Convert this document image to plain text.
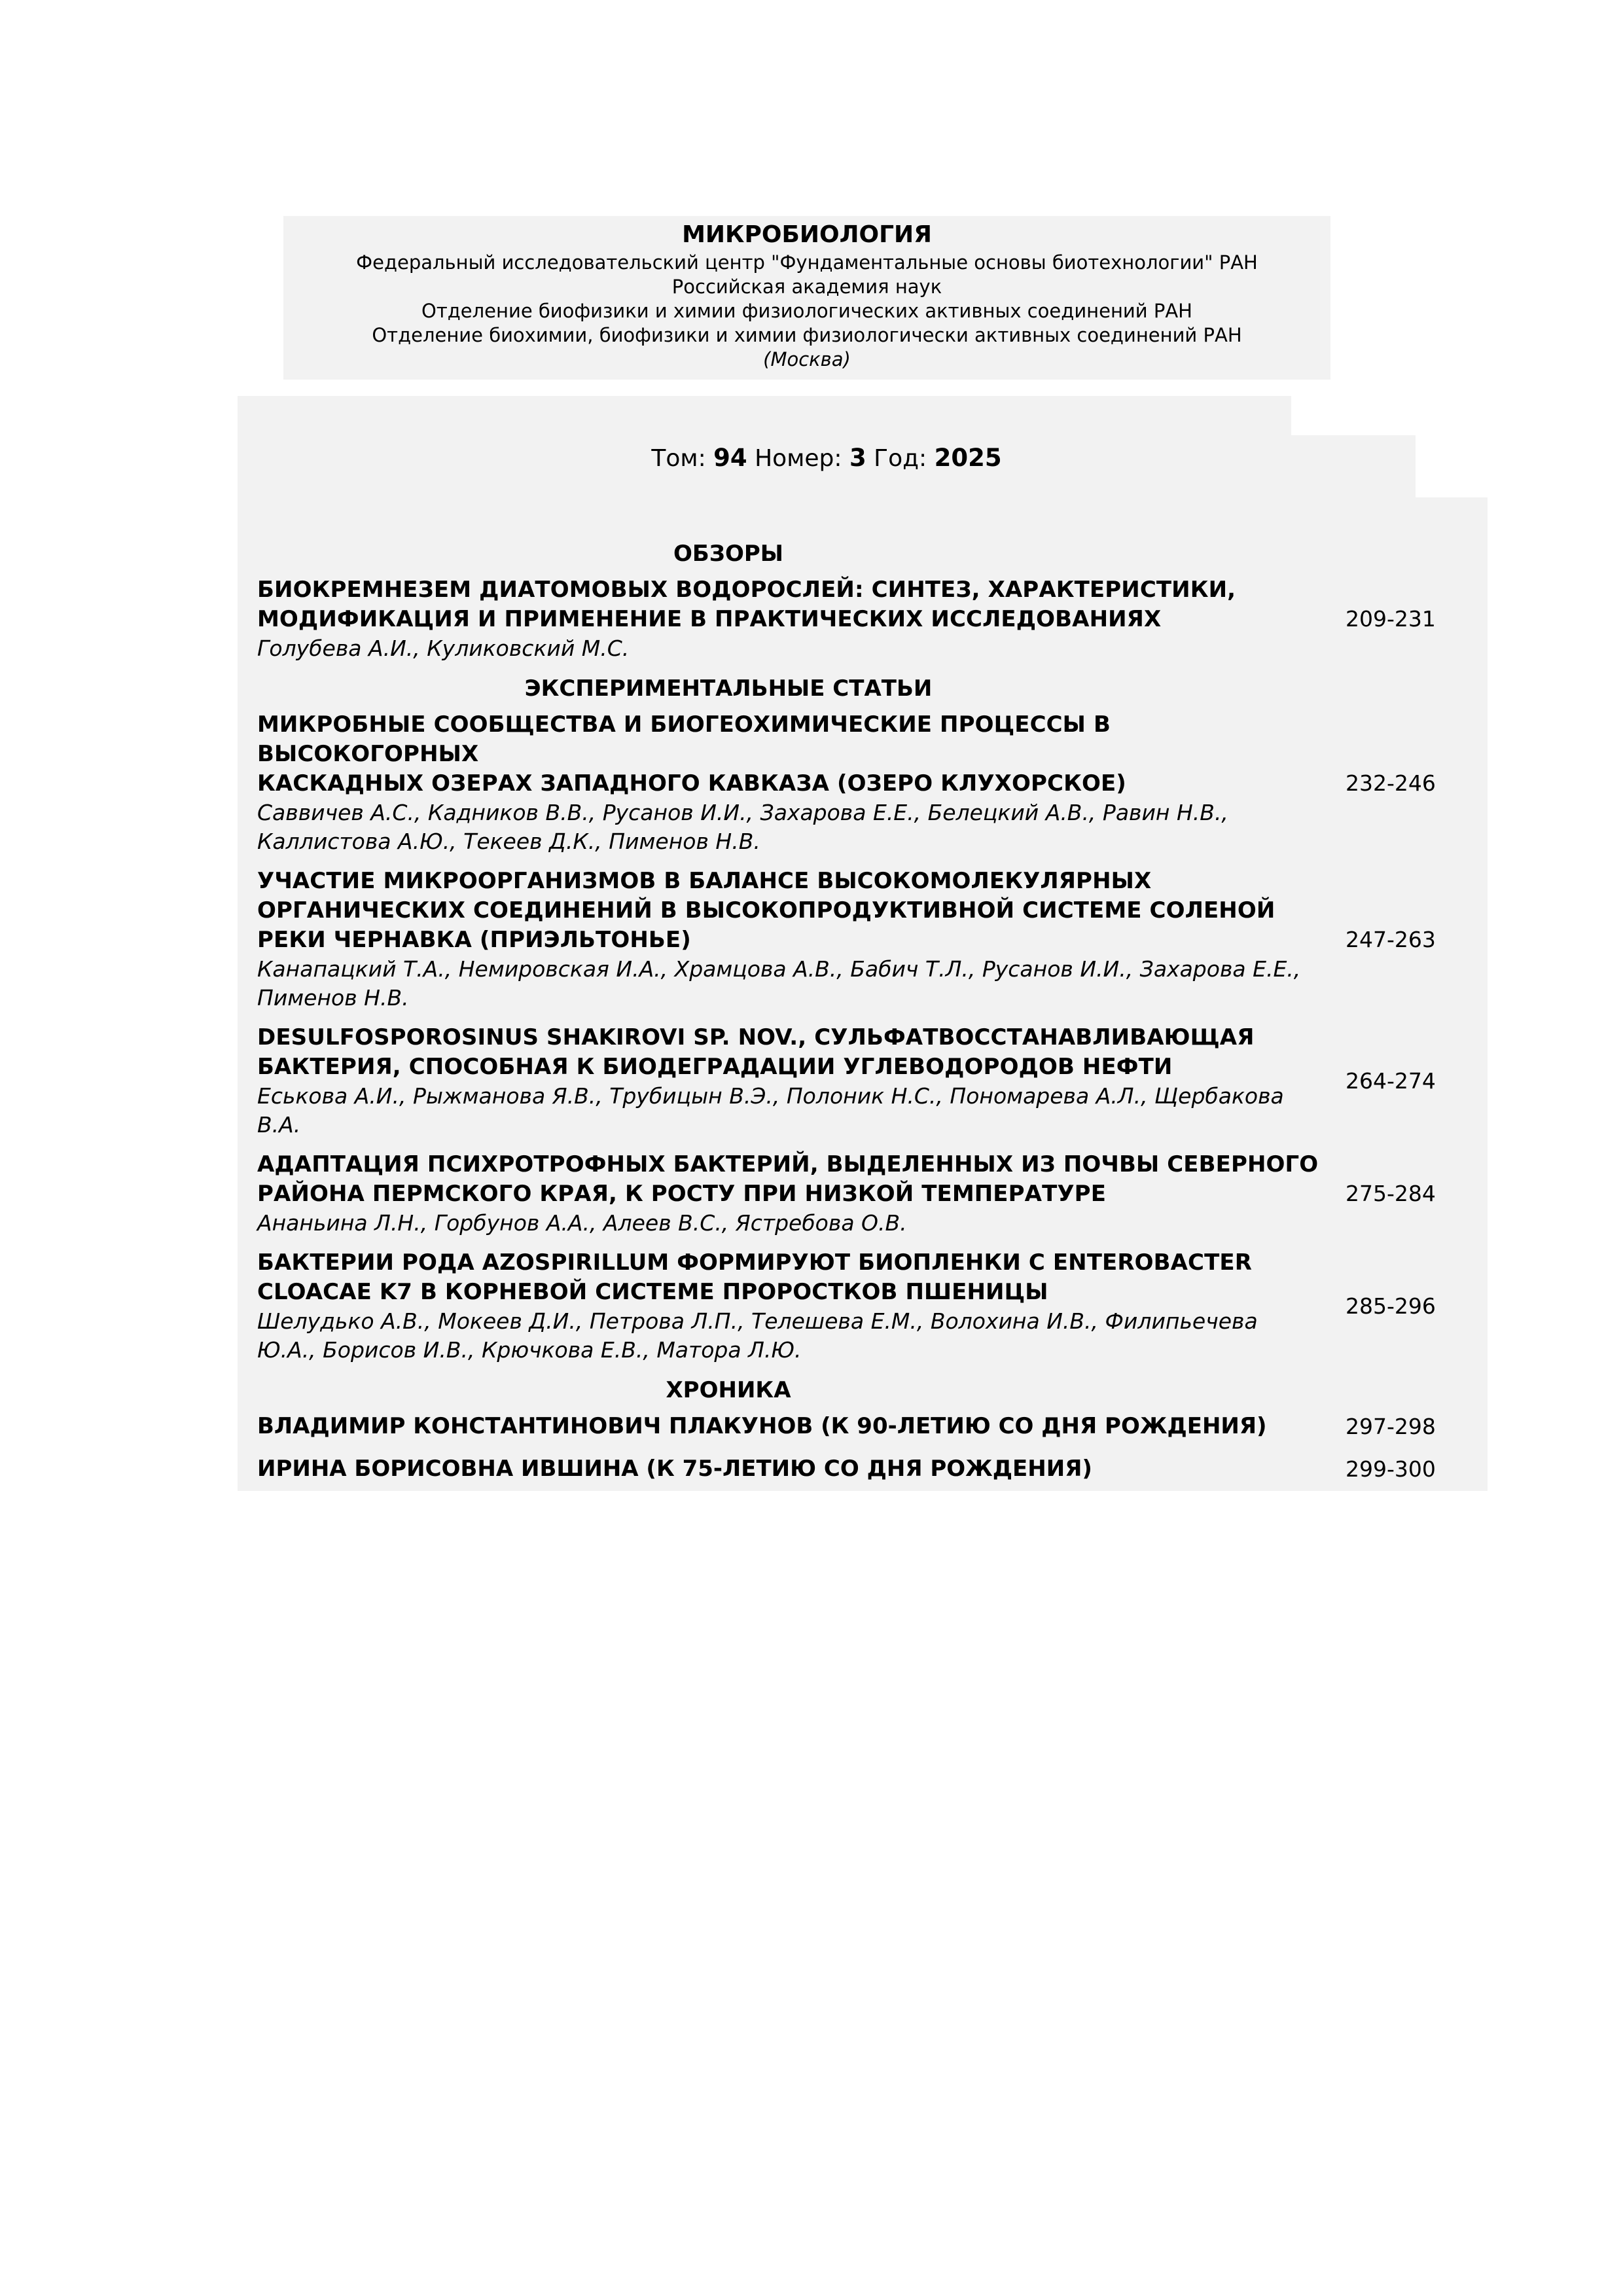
МИКРОБИОЛОГИЯ
Федеральный исследовательский центр "Фундаментальные основы биотехнологии" РАН
Российская академия наук
Отделение биофизики и химии физиологических активных соединений РАН
Отделение биохимии, биофизики и химии физиологически активных соединений РАН
(Москва)
Том: 94 Номер: 3 Год: 2025
ОБЗОРЫ
БИОКРЕМНЕЗЕМ ДИАТОМОВЫХ ВОДОРОСЛЕЙ: СИНТЕЗ, ХАРАКТЕРИСТИКИ,
МОДИФИКАЦИЯ И ПРИМЕНЕНИЕ В ПРАКТИЧЕСКИХ ИССЛЕДОВАНИЯХ
Голубева А.И., Куликовский М.С.
209-231
ЭКСПЕРИМЕНТАЛЬНЫЕ СТАТЬИ
МИКРОБНЫЕ СООБЩЕСТВА И БИОГЕОХИМИЧЕСКИЕ ПРОЦЕССЫ В ВЫСОКОГОРНЫХ
КАСКАДНЫХ ОЗЕРАХ ЗАПАДНОГО КАВКАЗА (ОЗЕРО КЛУХОРСКОЕ)
Саввичев А.С., Кадников В.В., Русанов И.И., Захарова Е.Е., Белецкий А.В., Равин Н.В.,
Каллистова А.Ю., Текеев Д.К., Пименов Н.В.
232-246
УЧАСТИЕ МИКРООРГАНИЗМОВ В БАЛАНСЕ ВЫСОКОМОЛЕКУЛЯРНЫХ
ОРГАНИЧЕСКИХ СОЕДИНЕНИЙ В ВЫСОКОПРОДУКТИВНОЙ СИСТЕМЕ СОЛЕНОЙ
РЕКИ ЧЕРНАВКА (ПРИЭЛЬТОНЬЕ)
Канапацкий Т.А., Немировская И.А., Храмцова А.В., Бабич Т.Л., Русанов И.И., Захарова Е.Е.,
Пименов Н.В.
247-263
DESULFOSPOROSINUS SHAKIROVI SP. NOV., СУЛЬФАТВОССТАНАВЛИВАЮЩАЯ
БАКТЕРИЯ, СПОСОБНАЯ К БИОДЕГРАДАЦИИ УГЛЕВОДОРОДОВ НЕФТИ
Еськова А.И., Рыжманова Я.В., Трубицын В.Э., Полоник Н.С., Пономарева А.Л., Щербакова
В.А.
264-274
АДАПТАЦИЯ ПСИХРОТРОФНЫХ БАКТЕРИЙ, ВЫДЕЛЕННЫХ ИЗ ПОЧВЫ СЕВЕРНОГО
РАЙОНА ПЕРМСКОГО КРАЯ, К РОСТУ ПРИ НИЗКОЙ ТЕМПЕРАТУРЕ
Ананьина Л.Н., Горбунов А.А., Алеев В.С., Ястребова О.В.
275-284
БАКТЕРИИ РОДА AZOSPIRILLUM ФОРМИРУЮТ БИОПЛЕНКИ С ENTEROBACTER
CLOACAE K7 В КОРНЕВОЙ СИСТЕМЕ ПРОРОСТКОВ ПШЕНИЦЫ
Шелудько А.В., Мокеев Д.И., Петрова Л.П., Телешева Е.М., Волохина И.В., Филипьечева
Ю.А., Борисов И.В., Крючкова Е.В., Матора Л.Ю.
285-296
ХРОНИКА
ВЛАДИМИР КОНСТАНТИНОВИЧ ПЛАКУНОВ (К 90-ЛЕТИЮ СО ДНЯ РОЖДЕНИЯ)	297-298
ИРИНА БОРИСОВНА ИВШИНА (К 75-ЛЕТИЮ СО ДНЯ РОЖДЕНИЯ)	299-300
